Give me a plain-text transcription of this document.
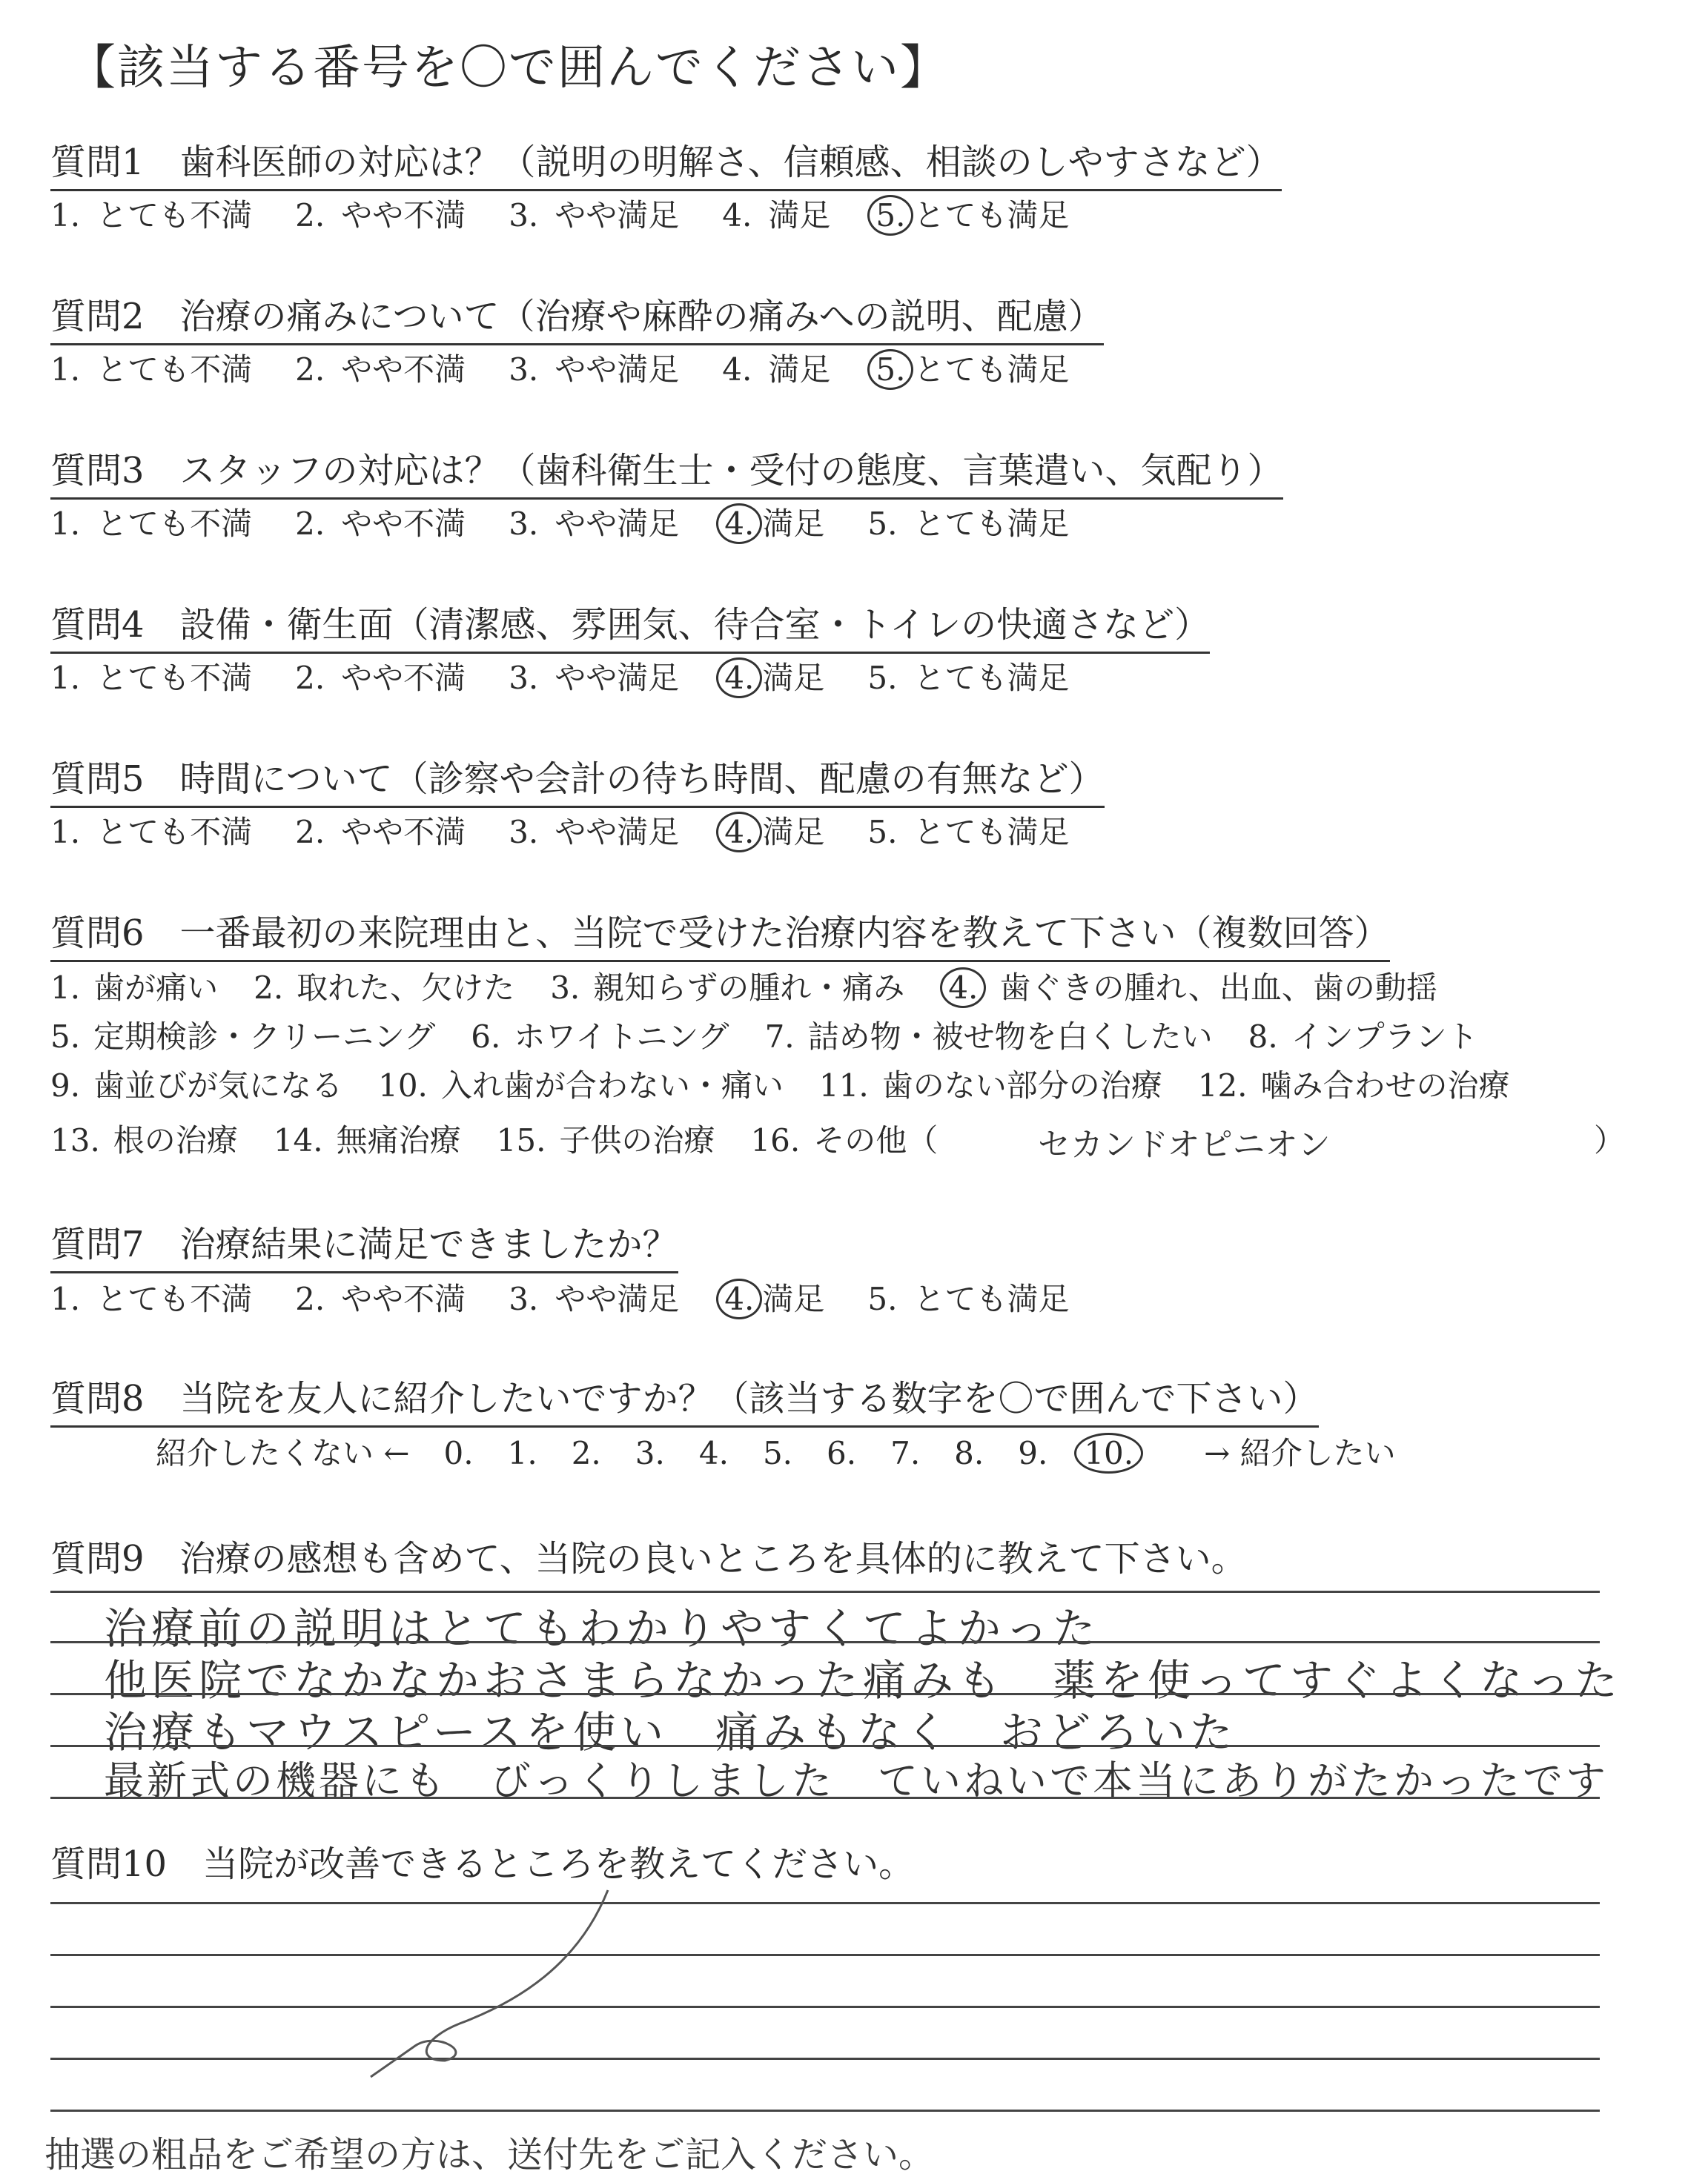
【該当する番号を〇で囲んでください】
質問1　歯科医師の対応は？（説明の明解さ、信頼感、相談のしやすさなど）
1. とても不満 2. やや不満 3. やや満足 4. 満足 5. とても満足
質問2　治療の痛みについて（治療や麻酔の痛みへの説明、配慮）
1. とても不満 2. やや不満 3. やや満足 4. 満足 5. とても満足
質問3　スタッフの対応は？（歯科衛生士・受付の態度、言葉遣い、気配り）
1. とても不満 2. やや不満 3. やや満足 4. 満足 5. とても満足
質問4　設備・衛生面（清潔感、雰囲気、待合室・トイレの快適さなど）
1. とても不満 2. やや不満 3. やや満足 4. 満足 5. とても満足
質問5　時間について（診察や会計の待ち時間、配慮の有無など）
1. とても不満 2. やや不満 3. やや満足 4. 満足 5. とても満足
質問6　一番最初の来院理由と、当院で受けた治療内容を教えて下さい（複数回答）
1. 歯が痛い 2. 取れた、欠けた 3. 親知らずの腫れ・痛み 4. 歯ぐきの腫れ、出血、歯の動揺
5. 定期検診・クリーニング 6. ホワイトニング 7. 詰め物・被せ物を白くしたい 8. インプラント
9. 歯並びが気になる 10. 入れ歯が合わない・痛い 11. 歯のない部分の治療 12. 噛み合わせの治療
13. 根の治療 14. 無痛治療 15. 子供の治療 16. その他（	セカンドオピニオン	）
質問7　治療結果に満足できましたか？
1. とても不満 2. やや不満 3. やや満足 4. 満足 5. とても満足
質問8　当院を友人に紹介したいですか？（該当する数字を〇で囲んで下さい）
紹介したくない ← 0. 1. 2. 3. 4. 5. 6. 7. 8. 9. 10. → 紹介したい
質問9　治療の感想も含めて、当院の良いところを具体的に教えて下さい。
治療前の説明はとてもわかりやすくてよかった
他医院でなかなかおさまらなかった痛みも　薬を使ってすぐよくなった
治療もマウスピースを使い　痛みもなく　おどろいた
最新式の機器にも　びっくりしました　ていねいで本当にありがたかったです
質問10　当院が改善できるところを教えてください。
抽選の粗品をご希望の方は、送付先をご記入ください。
